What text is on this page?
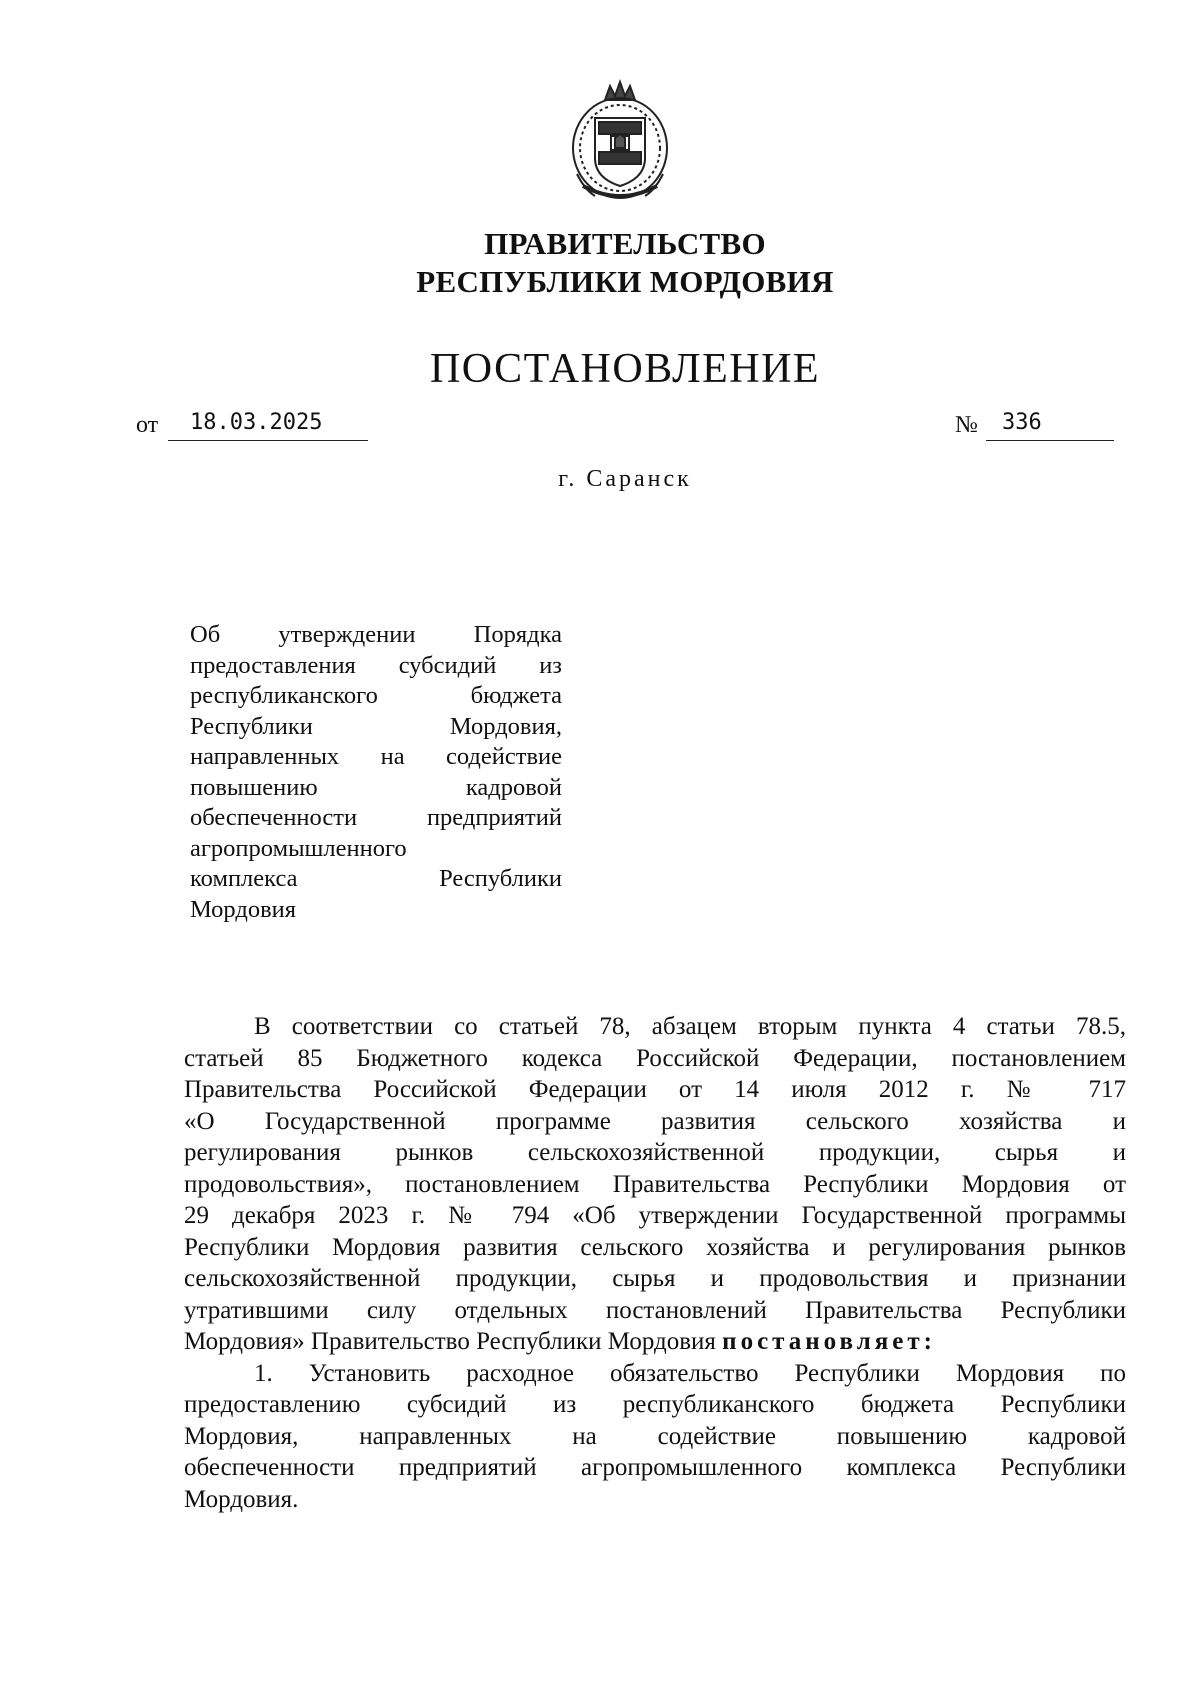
ПРАВИТЕЛЬСТВО
РЕСПУБЛИКИ МОРДОВИЯ
ПОСТАНОВЛЕНИЕ
от 18.03.2025	№ 336
г. Саранск
Об утверждении Порядка
предоставления субсидий из
республиканского бюджета
Республики Мордовия,
направленных на содействие
повышению кадровой
обеспеченности предприятий
агропромышленного
комплекса Республики
Мордовия
В соответствии со статьей 78, абзацем вторым пункта 4 статьи 78.5,
статьей 85 Бюджетного кодекса Российской Федерации, постановлением
Правительства Российской Федерации от 14 июля 2012 г. № 717
«О Государственной программе развития сельского хозяйства и
регулирования рынков сельскохозяйственной продукции, сырья и
продовольствия», постановлением Правительства Республики Мордовия от
29 декабря 2023 г. № 794 «Об утверждении Государственной программы
Республики Мордовия развития сельского хозяйства и регулирования рынков
сельскохозяйственной продукции, сырья и продовольствия и признании
утратившими силу отдельных постановлений Правительства Республики
Мордовия» Правительство Республики Мордовия постановляет:
1. Установить расходное обязательство Республики Мордовия по
предоставлению субсидий из республиканского бюджета Республики
Мордовия, направленных на содействие повышению кадровой
обеспеченности предприятий агропромышленного комплекса Республики
Мордовия.
